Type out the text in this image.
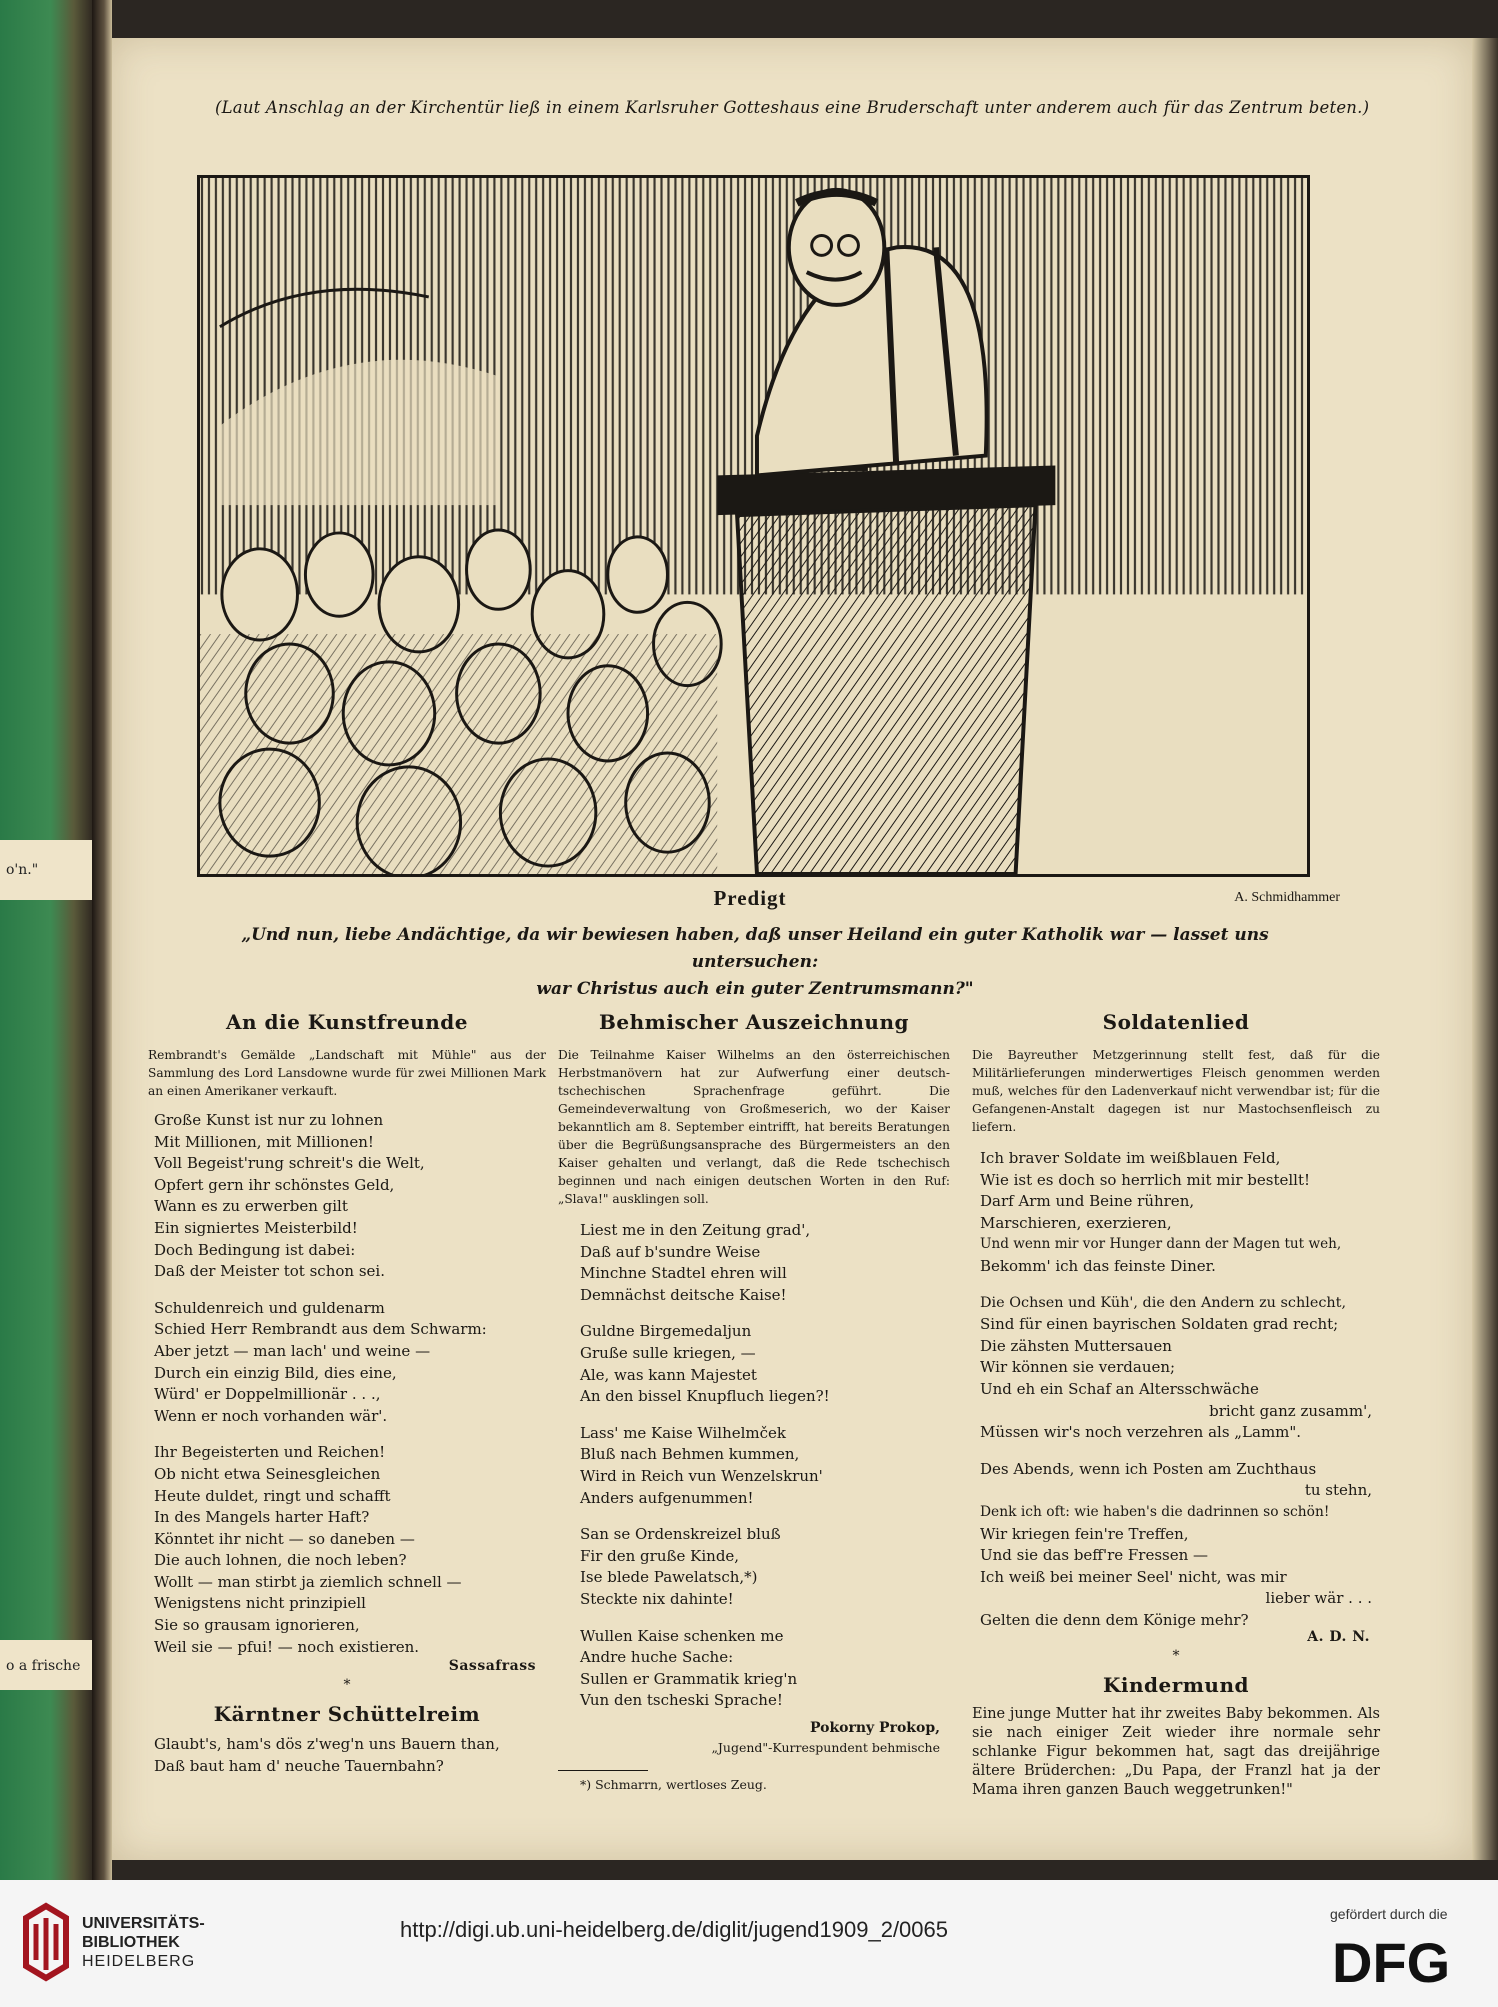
o'n."
o a frische
(Laut Anschlag an der Kirchentür ließ in einem Karlsruher Gotteshaus eine Bruderschaft unter anderem auch für das Zentrum beten.)
Predigt	A. Schmidhammer
„Und nun, liebe Andächtige, da wir bewiesen haben, daß unser Heiland ein guter Katholik war — lasset uns untersuchen:
war Christus auch ein guter Zentrumsmann?"
An die Kunstfreunde
Rembrandt's Gemälde „Landschaft mit Mühle" aus der Sammlung des Lord Lansdowne wurde für zwei Millionen Mark an einen Amerikaner verkauft.
Große Kunst ist nur zu lohnen
Mit Millionen, mit Millionen!
Voll Begeist'rung schreit's die Welt,
Opfert gern ihr schönstes Geld,
Wann es zu erwerben gilt
Ein signiertes Meisterbild!
Doch Bedingung ist dabei:
Daß der Meister tot schon sei.
Schuldenreich und guldenarm
Schied Herr Rembrandt aus dem Schwarm:
Aber jetzt — man lach' und weine —
Durch ein einzig Bild, dies eine,
Würd' er Doppelmillionär . . .,
Wenn er noch vorhanden wär'.
Ihr Begeisterten und Reichen!
Ob nicht etwa Seinesgleichen
Heute duldet, ringt und schafft
In des Mangels harter Haft?
Könntet ihr nicht — so daneben —
Die auch lohnen, die noch leben?
Wollt — man stirbt ja ziemlich schnell —
Wenigstens nicht prinzipiell
Sie so grausam ignorieren,
Weil sie — pfui! — noch existieren.
Sassafrass
*
Kärntner Schüttelreim
Glaubt's, ham's dös z'weg'n uns Bauern than,
Daß baut ham d' neuche Tauernbahn?
Behmischer Auszeichnung
Die Teilnahme Kaiser Wilhelms an den österreichischen Herbstmanövern hat zur Aufwerfung einer deutsch-tschechischen Sprachenfrage geführt. Die Gemeindeverwaltung von Großmeserich, wo der Kaiser bekanntlich am 8. September eintrifft, hat bereits Beratungen über die Begrüßungsansprache des Bürgermeisters an den Kaiser gehalten und verlangt, daß die Rede tschechisch beginnen und nach einigen deutschen Worten in den Ruf: „Slava!" ausklingen soll.
Liest me in den Zeitung grad',
Daß auf b'sundre Weise
Minchne Stadtel ehren will
Demnächst deitsche Kaise!
Guldne Birgemedaljun
Gruße sulle kriegen, —
Ale, was kann Majestet
An den bissel Knupfluch liegen?!
Lass' me Kaise Wilhelmček
Bluß nach Behmen kummen,
Wird in Reich vun Wenzelskrun'
Anders aufgenummen!
San se Ordenskreizel bluß
Fir den gruße Kinde,
Ise blede Pawelatsch,*)
Steckte nix dahinte!
Wullen Kaise schenken me
Andre huche Sache:
Sullen er Grammatik krieg'n
Vun den tscheski Sprache!
Pokorny Prokop,
„Jugend"-Kurrespundent behmische
*) Schmarrn, wertloses Zeug.
Soldatenlied
Die Bayreuther Metzgerinnung stellt fest, daß für die Militärlieferungen minderwertiges Fleisch genommen werden muß, welches für den Ladenverkauf nicht verwendbar ist; für die Gefangenen-Anstalt dagegen ist nur Mastochsenfleisch zu liefern.
Ich braver Soldate im weißblauen Feld,
Wie ist es doch so herrlich mit mir bestellt!
Darf Arm und Beine rühren,
Marschieren, exerzieren,
Und wenn mir vor Hunger dann der Magen tut weh,
Bekomm' ich das feinste Diner.
Die Ochsen und Küh', die den Andern zu schlecht,
Sind für einen bayrischen Soldaten grad recht;
Die zähsten Muttersauen
Wir können sie verdauen;
Und eh ein Schaf an Altersschwäche
bricht ganz zusamm',
Müssen wir's noch verzehren als „Lamm".
Des Abends, wenn ich Posten am Zuchthaus
tu stehn,
Denk ich oft: wie haben's die dadrinnen so schön!
Wir kriegen fein're Treffen,
Und sie das beff're Fressen —
Ich weiß bei meiner Seel' nicht, was mir
lieber wär . . .
Gelten die denn dem Könige mehr?
A. D. N.
*
Kindermund
Eine junge Mutter hat ihr zweites Baby bekommen. Als sie nach einiger Zeit wieder ihre normale sehr schlanke Figur bekommen hat, sagt das dreijährige ältere Brüderchen: „Du Papa, der Franzl hat ja der Mama ihren ganzen Bauch weggetrunken!"
UNIVERSITÄTS-
BIBLIOTHEK
HEIDELBERG
http://digi.ub.uni-heidelberg.de/diglit/jugend1909_2/0065
gefördert durch die
DFG
